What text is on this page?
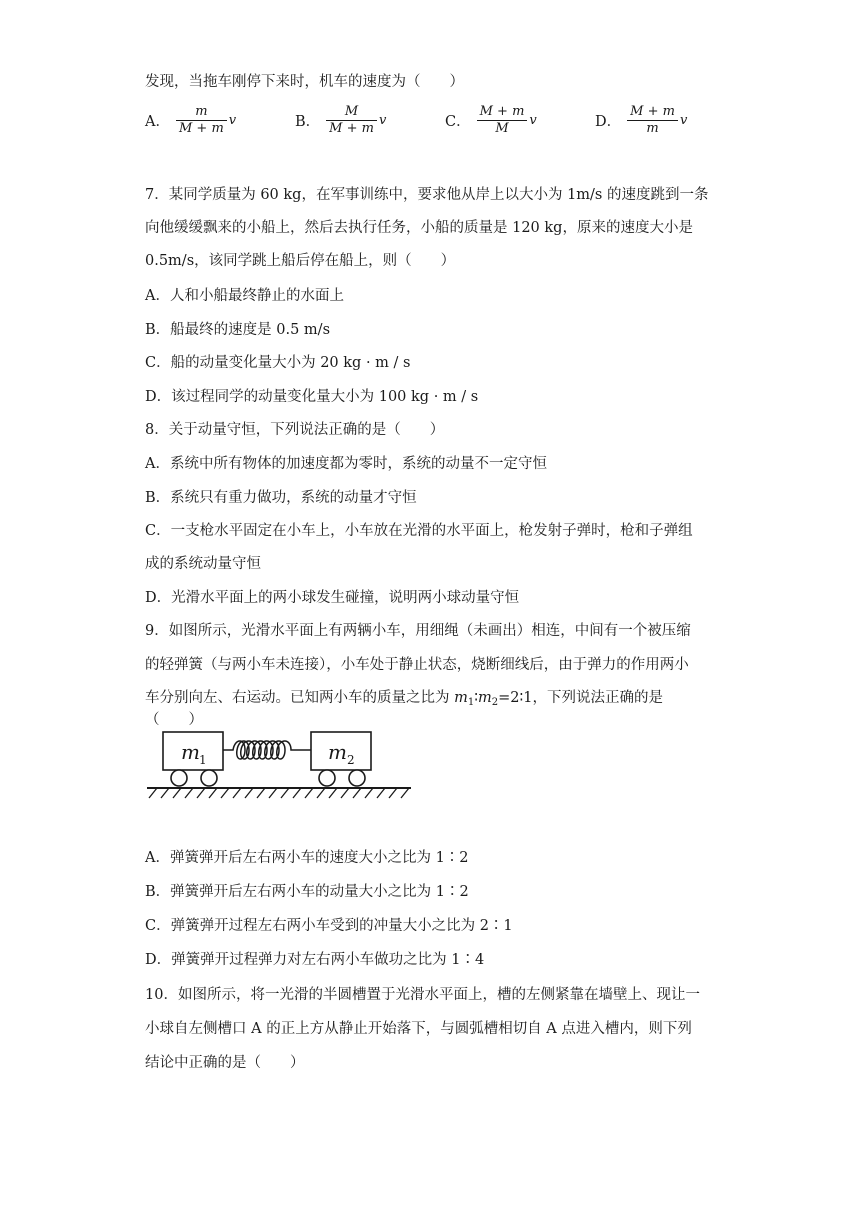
发现，当拖车刚停下来时，机车的速度为（　　）
A． $\frac{m}{M + m}$ v	B． $\frac{M}{M + m}$ v	C． $\frac{M + m}{M}$ v	D． $\frac{M + m}{m}$ v
7．某同学质量为 60 kg，在军事训练中，要求他从岸上以大小为 1m/s 的速度跳到一条
向他缓缓飘来的小船上，然后去执行任务，小船的质量是 120 kg，原来的速度大小是
0.5m/s，该同学跳上船后停在船上，则（　　）
A．人和小船最终静止的水面上
B．船最终的速度是 0.5 m/s
C．船的动量变化量大小为 20 kg · m / s
D．该过程同学的动量变化量大小为 100 kg · m / s
8．关于动量守恒，下列说法正确的是（　　）
A．系统中所有物体的加速度都为零时，系统的动量不一定守恒
B．系统只有重力做功，系统的动量才守恒
C．一支枪水平固定在小车上，小车放在光滑的水平面上，枪发射子弹时，枪和子弹组
成的系统动量守恒
D．光滑水平面上的两小球发生碰撞，说明两小球动量守恒
9．如图所示，光滑水平面上有两辆小车，用细绳（未画出）相连，中间有一个被压缩
的轻弹簧（与两小车未连接），小车处于静止状态，烧断细线后，由于弹力的作用两小
车分别向左、右运动。已知两小车的质量之比为 $m_1∶m_2=2∶1$，下列说法正确的是
（　　）
m 1	m 2
A．弹簧弹开后左右两小车的速度大小之比为 1∶2
B．弹簧弹开后左右两小车的动量大小之比为 1∶2
C．弹簧弹开过程左右两小车受到的冲量大小之比为 2∶1
D．弹簧弹开过程弹力对左右两小车做功之比为 1∶4
10．如图所示，将一光滑的半圆槽置于光滑水平面上，槽的左侧紧靠在墙壁上、现让一
小球自左侧槽口 A 的正上方从静止开始落下，与圆弧槽相切自 A 点进入槽内，则下列
结论中正确的是（　　）
